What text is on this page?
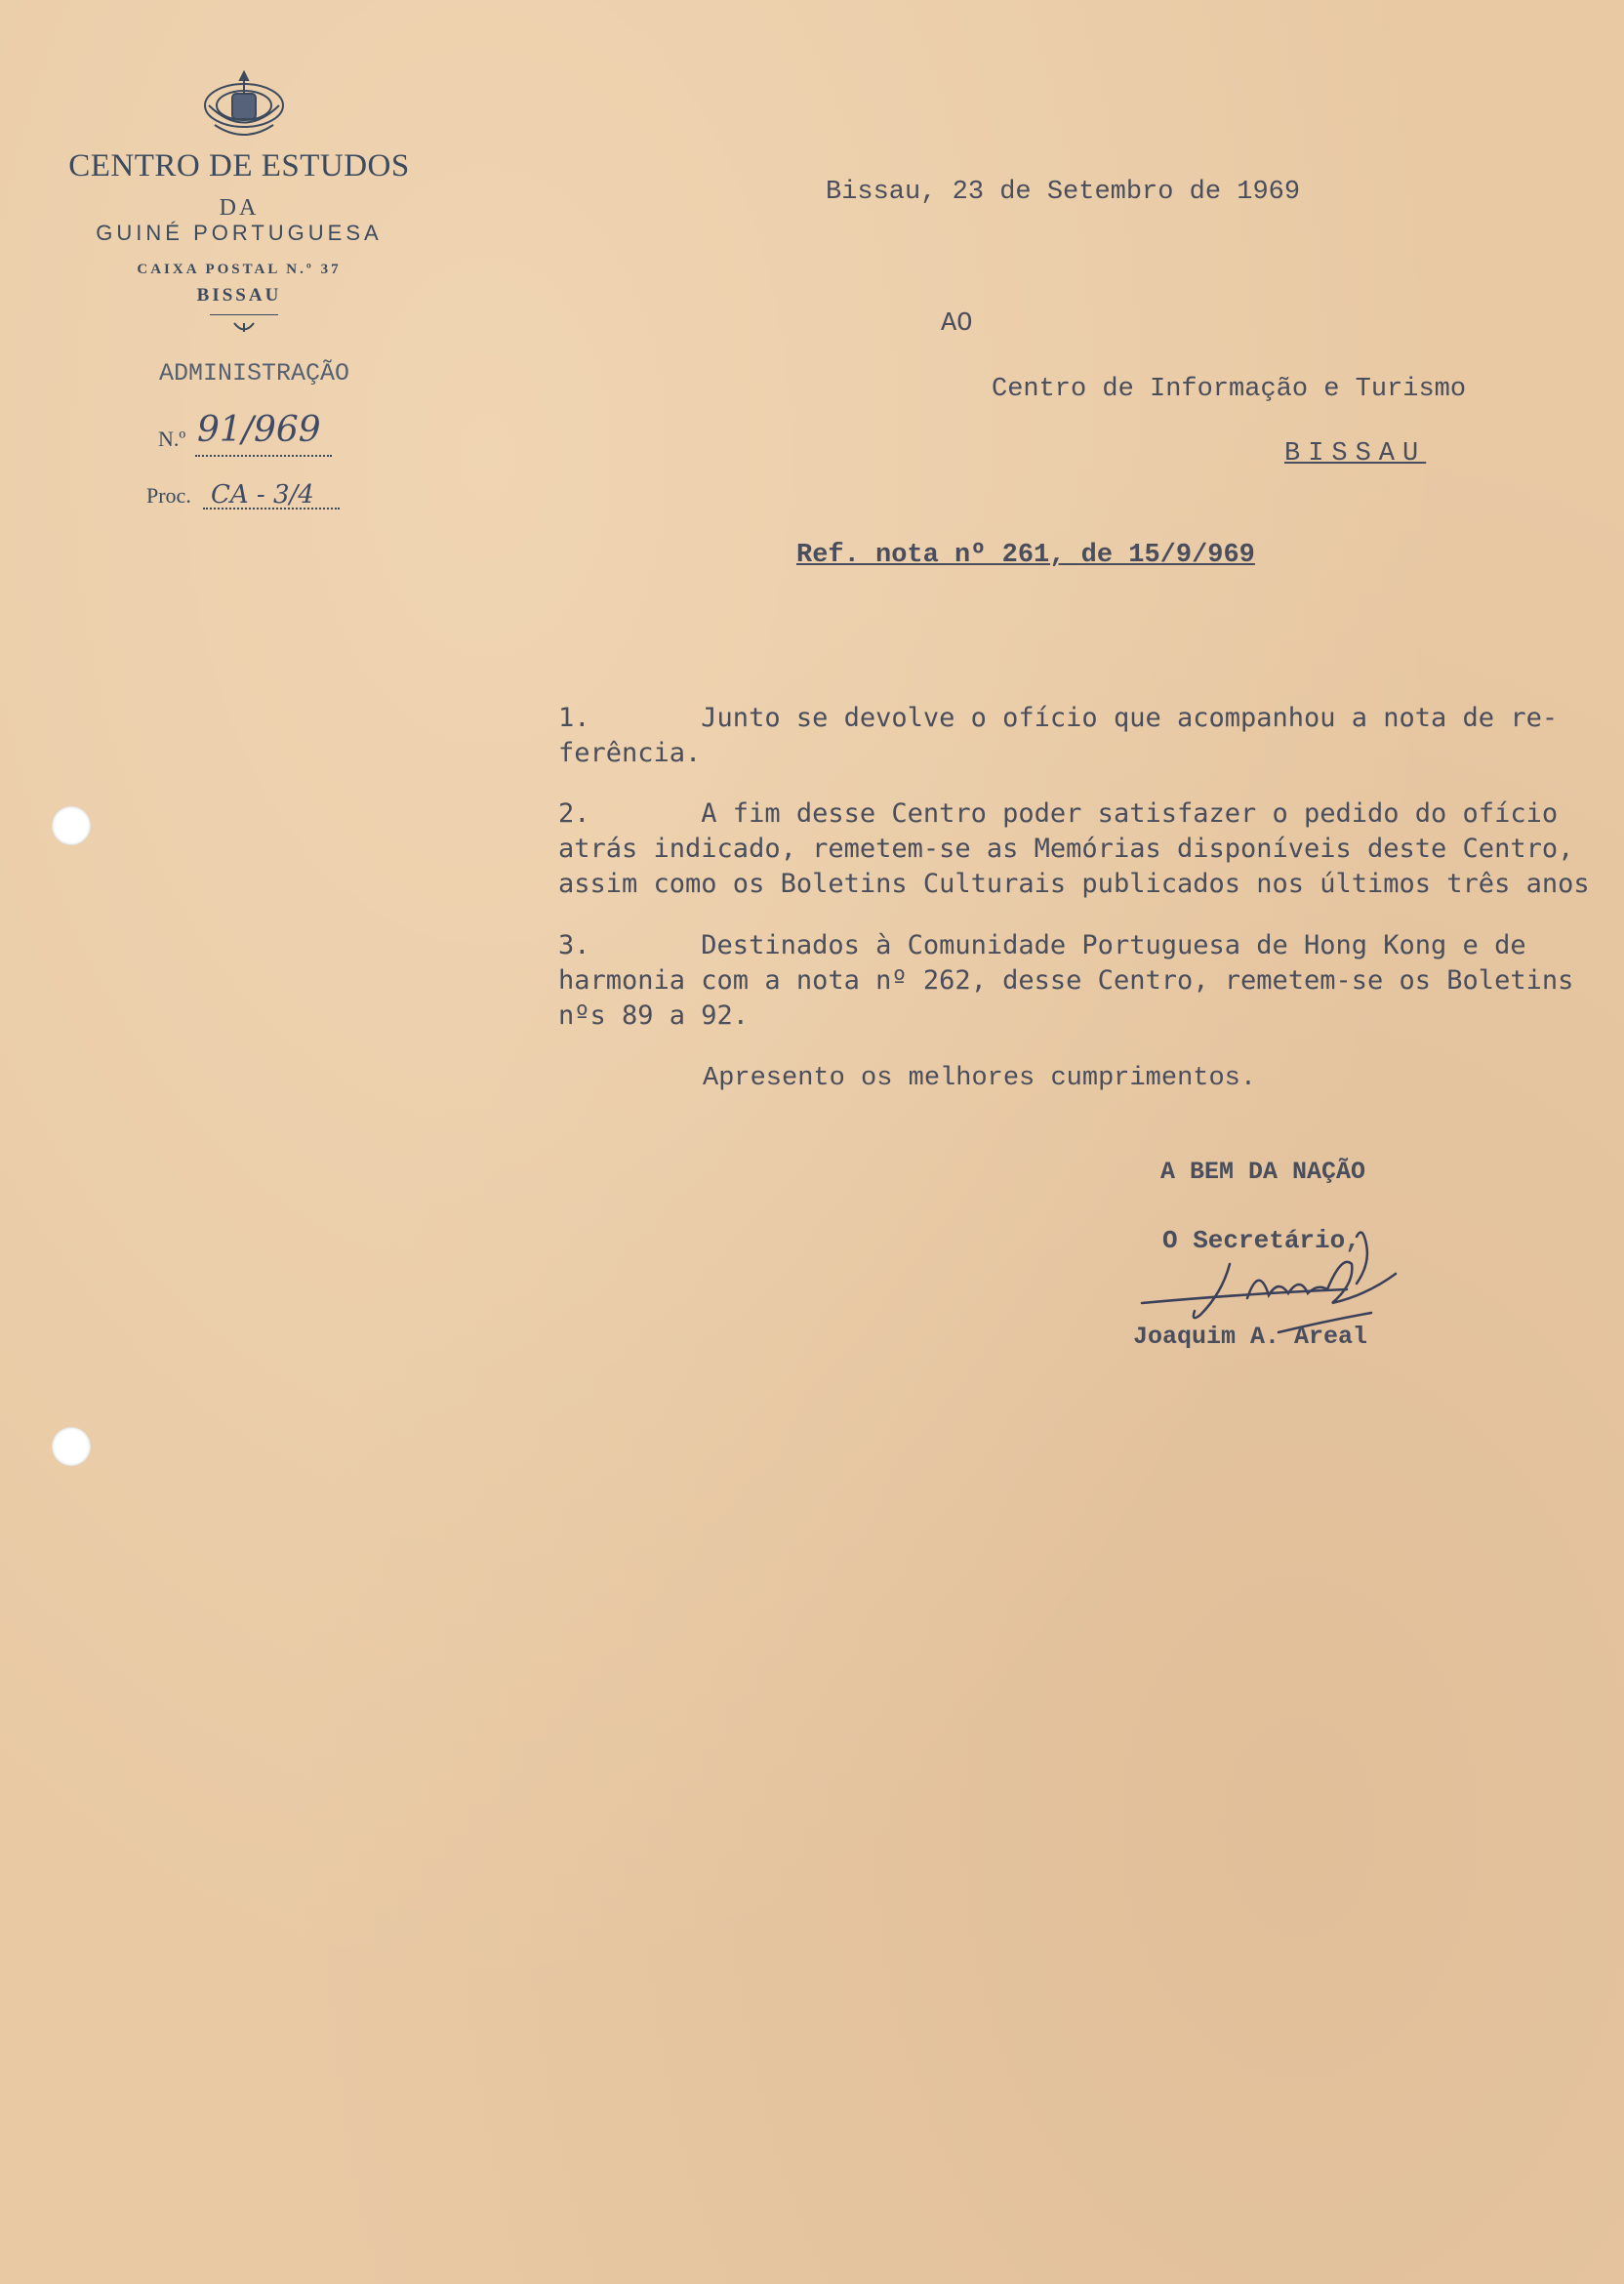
CENTRO DE ESTUDOS
DA
GUINÉ PORTUGUESA
CAIXA POSTAL N.º 37
BISSAU
ADMINISTRAÇÃO
N.º 91/969
Proc. CA - 3/4
Bissau, 23 de Setembro de 1969
AO
Centro de Informação e Turismo
BISSAU
Ref. nota nº 261, de 15/9/969
1.       Junto se devolve o ofício que acompanhou a nota de re-
ferência.
2.       A fim desse Centro poder satisfazer o pedido do ofício
atrás indicado, remetem-se as Memórias disponíveis deste Centro,
assim como os Boletins Culturais publicados nos últimos três anos
3.       Destinados à Comunidade Portuguesa de Hong Kong e de
harmonia com a nota nº 262, desse Centro, remetem-se os Boletins
nºs 89 a 92.
Apresento os melhores cumprimentos.
A BEM DA NAÇÃO
O Secretário,
Joaquim A. Areal
